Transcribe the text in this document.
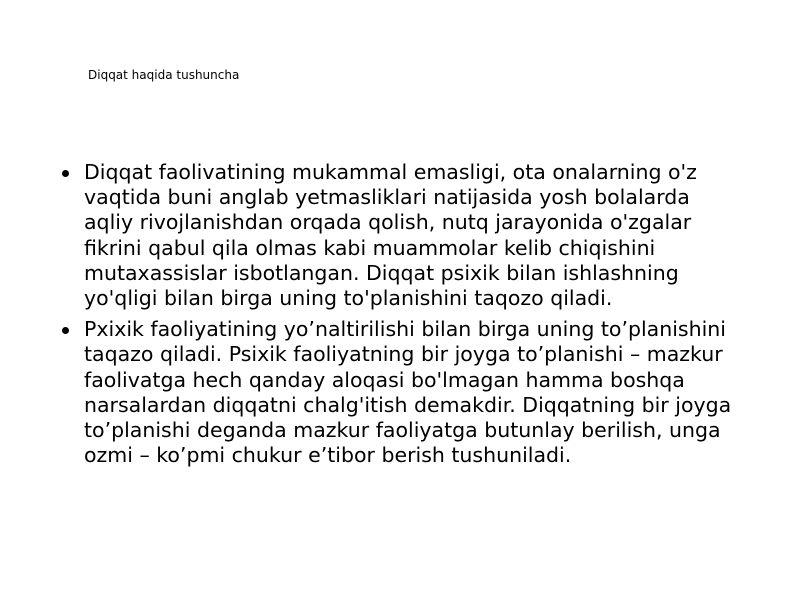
Diqqat haqida tushuncha
Diqqat faolivatining mukammal emasligi, ota onalarning o'z vaqtida buni anglab yetmasliklari natijasida yosh bolalarda aqliy rivojlanishdan orqada qolish, nutq jarayonida o'zgalar fikrini qabul qila olmas kabi muammolar kelib chiqishini mutaxassislar isbotlangan. Diqqat psixik bilan ishlashning yo'qligi bilan birga uning to'planishini taqozo qiladi.
Pxixik faoliyatining yo’naltirilishi bilan birga uning to’planishini taqazo qiladi. Psixik faoliyatning bir joyga to’planishi – mazkur faolivatga hech qanday aloqasi bo'lmagan hamma boshqa narsalardan diqqatni chalg'itish demakdir. Diqqatning bir joyga to’planishi deganda mazkur faoliyatga butunlay berilish, unga ozmi – ko’pmi chukur e’tibor berish tushuniladi.
